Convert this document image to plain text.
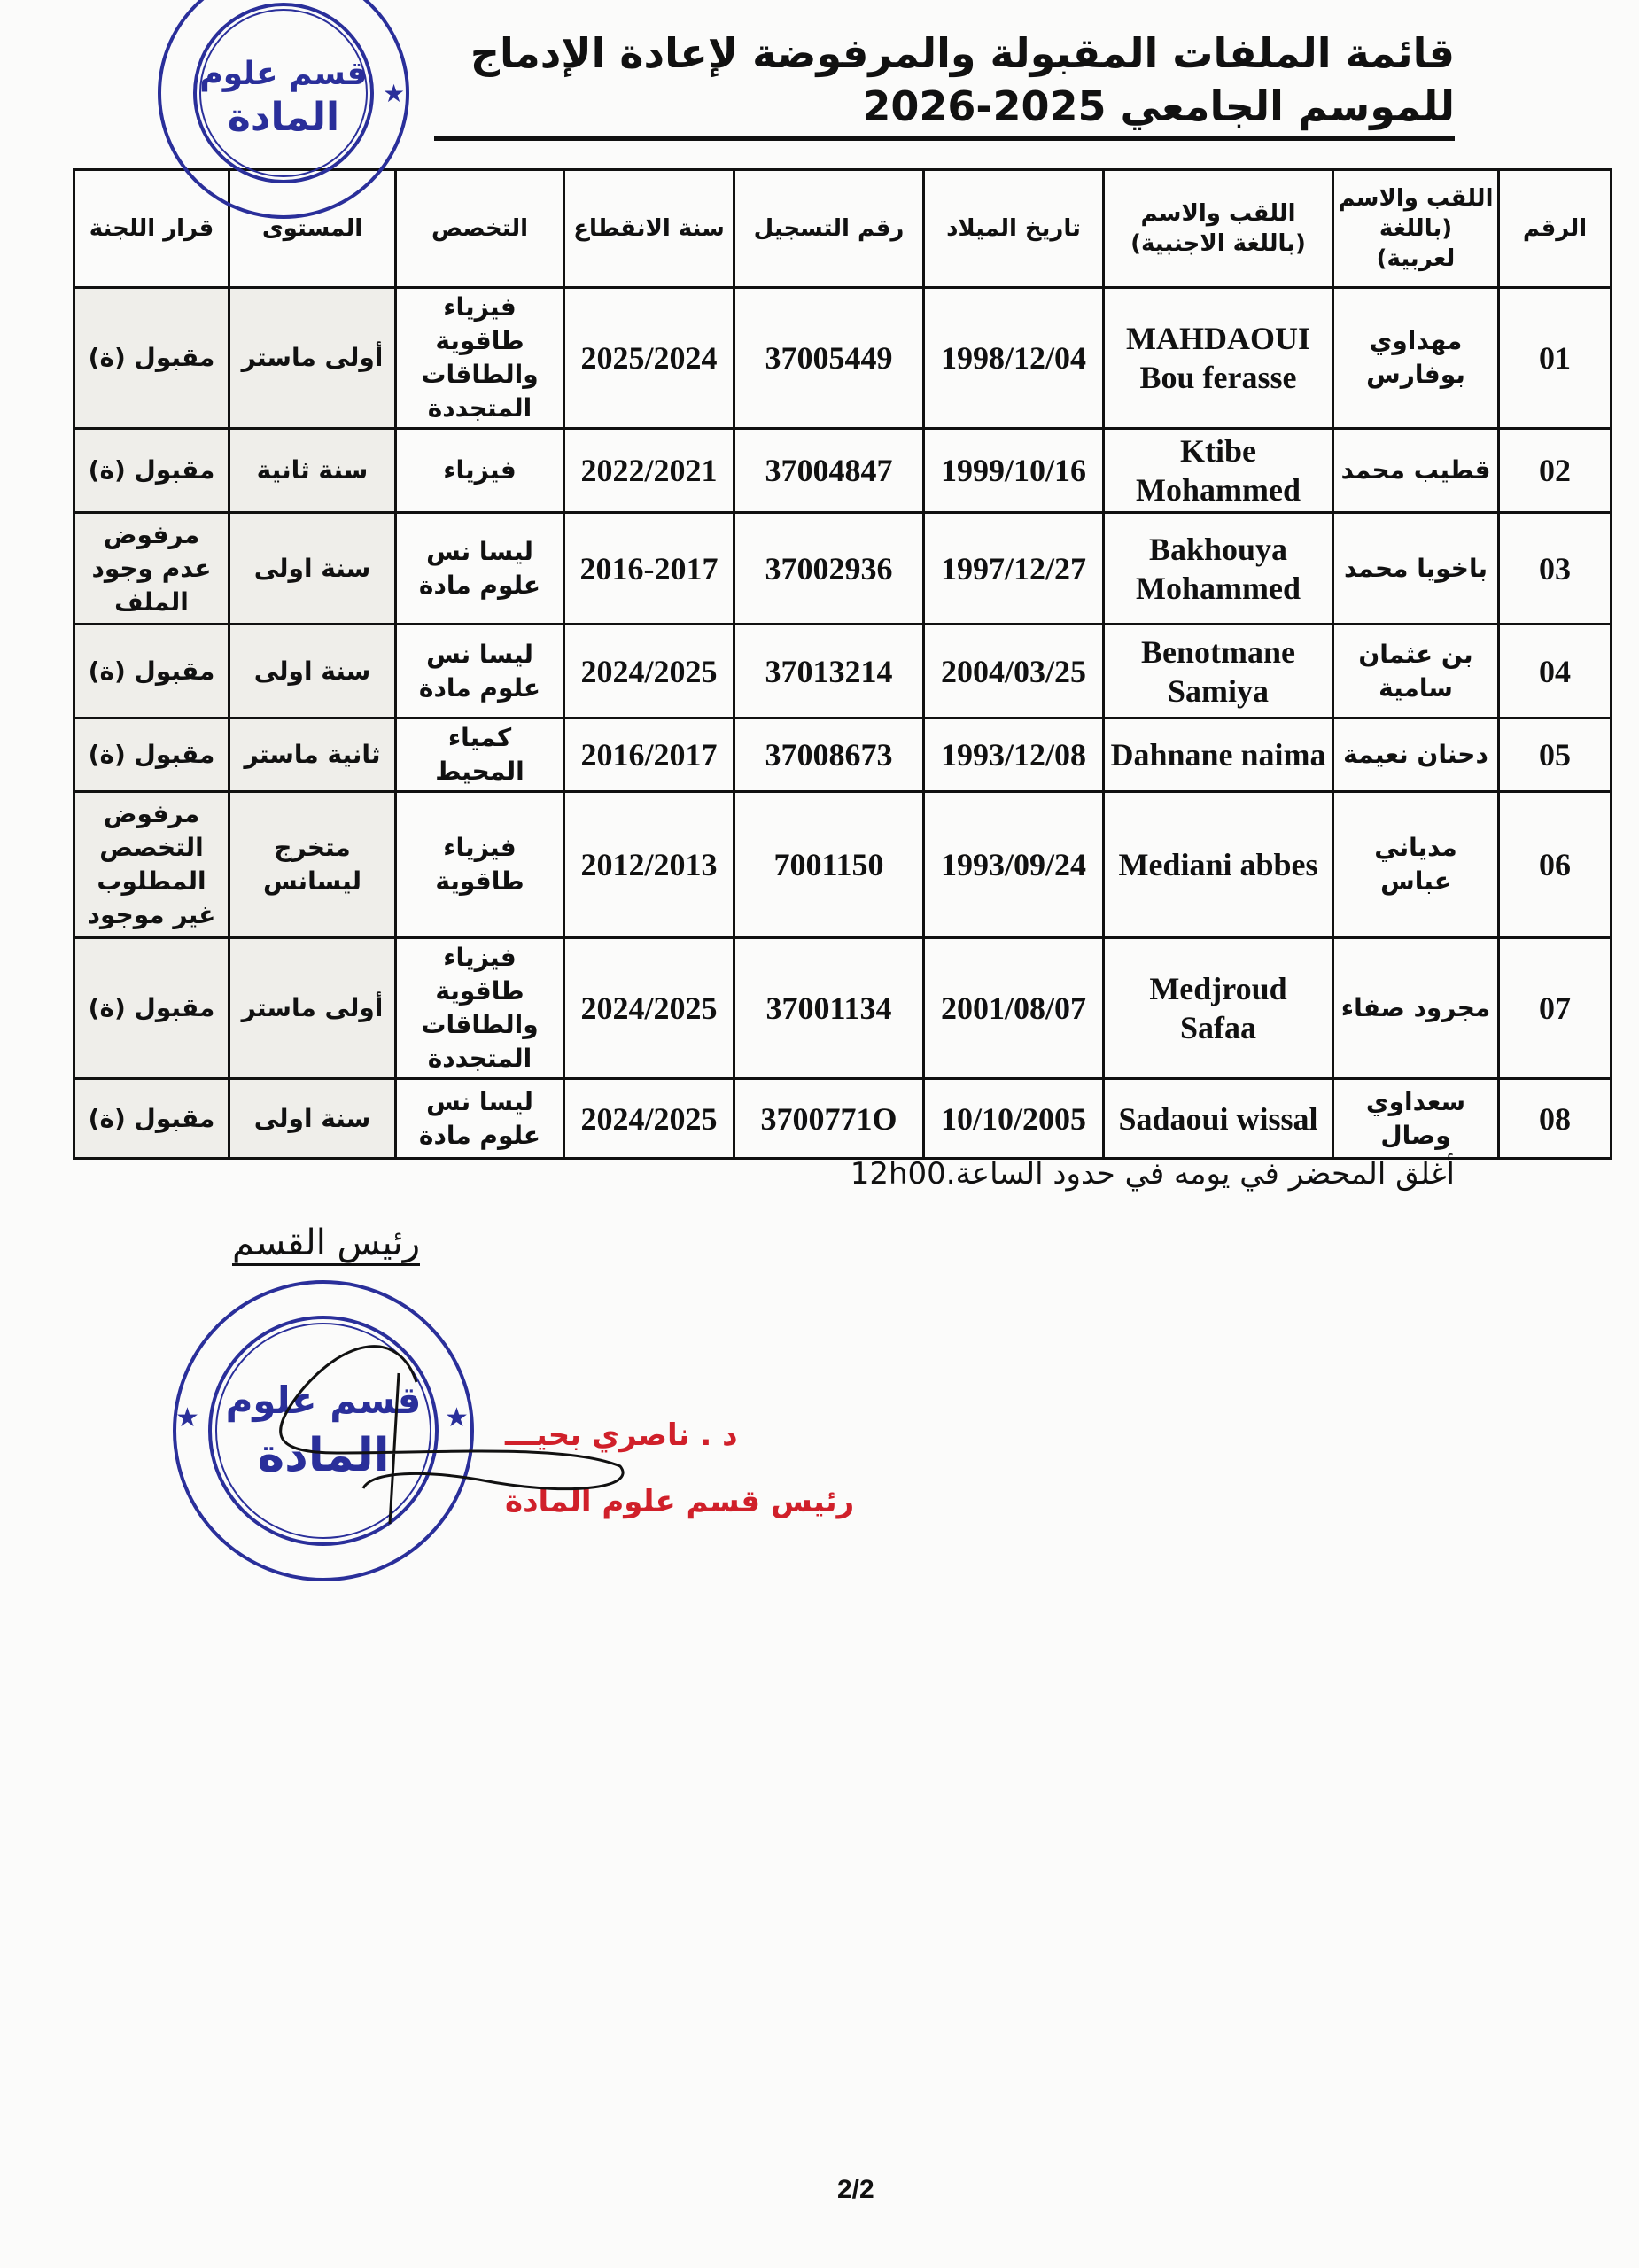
قائمة الملفات المقبولة والمرفوضة لإعادة الإدماج للموسم الجامعي 2025-2026
الرقم	اللقب والاسم (باللغة لعربية)	اللقب والاسم (باللغة الاجنبية)	تاريخ الميلاد	رقم التسجيل	سنة الانقطاع	التخصص	المستوى	قرار اللجنة
01	مهداوي بوفارس	MAHDAOUI Bou ferasse	1998/12/04	37005449	2025/2024	فيزياء طاقوية والطاقات المتجددة	أولى ماستر	مقبول (ة)
02	قطيب محمد	Ktibe Mohammed	1999/10/16	37004847	2022/2021	فيزياء	سنة ثانية	مقبول (ة)
03	باخويا محمد	Bakhouya Mohammed	1997/12/27	37002936	2016-2017	ليسا نس علوم مادة	سنة اولى	مرفوض عدم وجود الملف
04	بن عثمان سامية	Benotmane Samiya	2004/03/25	37013214	2024/2025	ليسا نس علوم مادة	سنة اولى	مقبول (ة)
05	دحنان نعيمة	Dahnane naima	1993/12/08	37008673	2016/2017	كمياء المحيط	ثانية ماستر	مقبول (ة)
06	مدياني عباس	Mediani abbes	1993/09/24	7001150	2012/2013	فيزياء طاقوية	متخرج ليسانس	مرفوض التخصص المطلوب غير موجود
07	مجرود صفاء	Medjroud Safaa	2001/08/07	37001134	2024/2025	فيزياء طاقوية والطاقات المتجددة	أولى ماستر	مقبول (ة)
08	سعداوي وصال	Sadaoui wissal	10/10/2005	3700771O	2024/2025	ليسا نس علوم مادة	سنة اولى	مقبول (ة)
أغلق المحضر في يومه في حدود الساعة.12h00
رئيس القسم
د . ناصري بحيـــ
رئيس قسم علوم المادة
قسم علوم
المادة
★
قسم علوم
المادة
★	★
2/2
